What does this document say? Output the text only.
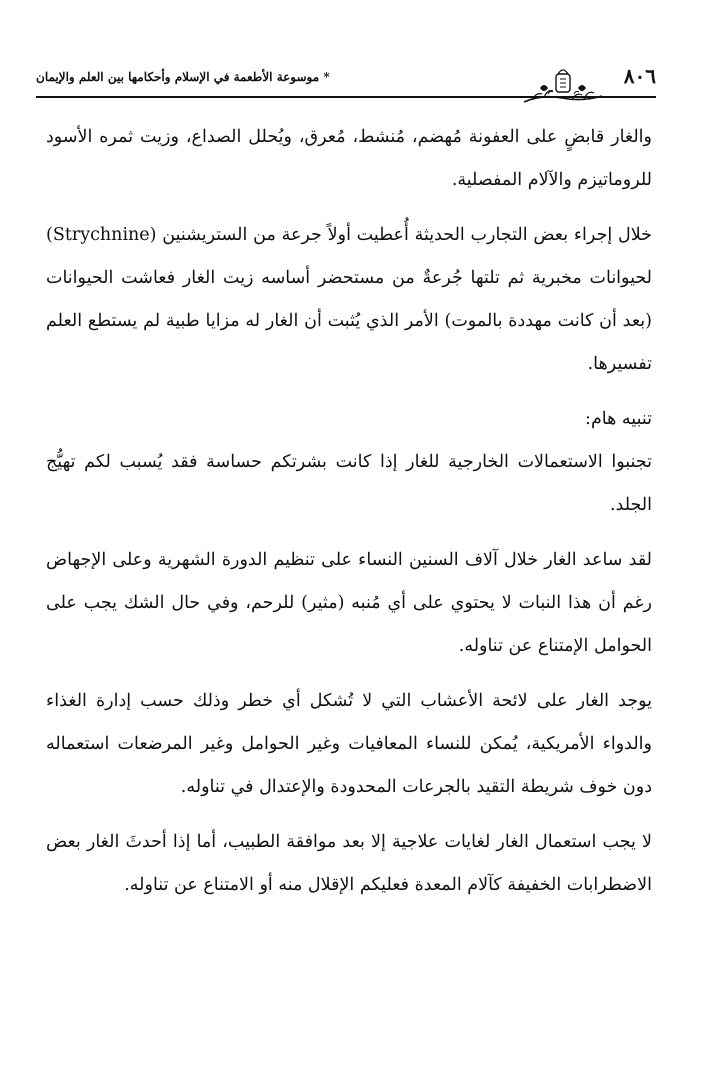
* موسوعة الأطعمة في الإسلام وأحكامها بين العلم والإيمان	٨٠٦

والغار قابضٍ على العفونة مُهضم، مُنشط، مُعرق، ويُحلل الصداع، وزيت ثمره الأسود للروماتيزم والآلام المفصلية.

خلال إجراء بعض التجارب الحديثة أُعطيت أولاً جرعة من الستريشنين (Strychnine) لحيوانات مخبرية ثم تلتها جُرعةٌ من مستحضر أساسه زيت الغار فعاشت الحيوانات (بعد أن كانت مهددة بالموت) الأمر الذي يُثبت أن الغار له مزايا طبية لم يستطع العلم تفسيرها.

تنبيه هام:

تجنبوا الاستعمالات الخارجية للغار إذا كانت بشرتكم حساسة فقد يُسبب لكم تهيُّج الجلد.

لقد ساعد الغار خلال آلاف السنين النساء على تنظيم الدورة الشهرية وعلى الإجهاض رغم أن هذا النبات لا يحتوي على أي مُنبه (مثير) للرحم، وفي حال الشك يجب على الحوامل الإمتناع عن تناوله.

يوجد الغار على لائحة الأعشاب التي لا تُشكل أي خطر وذلك حسب إدارة الغذاء والدواء الأمريكية، يُمكن للنساء المعافيات وغير الحوامل وغير المرضعات استعماله دون خوف شريطة التقيد بالجرعات المحدودة والإعتدال في تناوله.

لا يجب استعمال الغار لغايات علاجية إلا بعد موافقة الطبيب، أما إذا أحدثَ الغار بعض الاضطرابات الخفيفة كآلام المعدة فعليكم الإقلال منه أو الامتناع عن تناوله.
